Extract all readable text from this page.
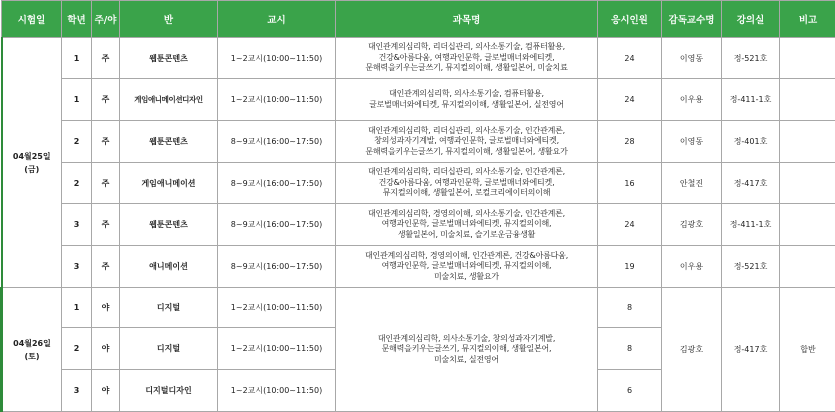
시험일	학년	주/야	반	교시	과목명	응시인원	감독교수명	강의실	비고
04월25일
(금)	1	주	웹툰콘텐츠	1~2교시(10:00~11:50)	대인관계의심리학, 리더십관리, 의사소통기술, 컴퓨터활용,
건강&아름다움, 여행과인문학, 글로벌매너와에티켓,
문해력을키우는글쓰기, 뮤지컬의이해, 생활일본어, 미술치료	24	이영동	정-521호	
	1	주	게임애니메이션디자인	1~2교시(10:00~11:50)	대인관계의심리학, 의사소통기술, 컴퓨터활용,
글로벌매너와에티켓, 뮤지컬의이해, 생활일본어, 실전영어	24	이우용	정-411-1호	
	2	주	웹툰콘텐츠	8~9교시(16:00~17:50)	대인관계의심리학, 리더십관리, 의사소통기술, 인간관계론,
창의성과자기계발, 여행과인문학, 글로벌매너와에티켓,
문해력을키우는글쓰기, 뮤지컬의이해, 생활일본어, 생활요가	28	이영동	정-401호	
	2	주	게임애니메이션	8~9교시(16:00~17:50)	대인관계의심리학, 리더십관리, 의사소통기술, 인간관계론,
건강&아름다움, 여행과인문학, 글로벌매너와에티켓,
뮤지컬의이해, 생활일본어, 로컬크리에이터의이해	16	안철진	정-417호	
	3	주	웹툰콘텐츠	8~9교시(16:00~17:50)	대인관계의심리학, 경영의이해, 의사소통기술, 인간관계론,
여행과인문학, 글로벌매너와에티켓, 뮤지컬의이해,
생활일본어, 미술치료, 슬기로운금융생활	24	김광호	정-411-1호	
	3	주	애니메이션	8~9교시(16:00~17:50)	대인관계의심리학, 경영의이해, 인간관계론, 건강&아름다움,
여행과인문학, 글로벌매너와에티켓, 뮤지컬의이해,
미술치료, 생활요가	19	이우용	정-521호	
04월26일
(토)	1	야	디지털	1~2교시(10:00~11:50)	대인관계의심리학, 의사소통기술, 창의성과자기계발,
문해력을키우는글쓰기, 뮤지컬의이해, 생활일본어,
미술치료, 실전영어	8	김광호	정-417호	합반
	2	야	디지털	1~2교시(10:00~11:50)		8			
	3	야	디지털디자인	1~2교시(10:00~11:50)		6			
